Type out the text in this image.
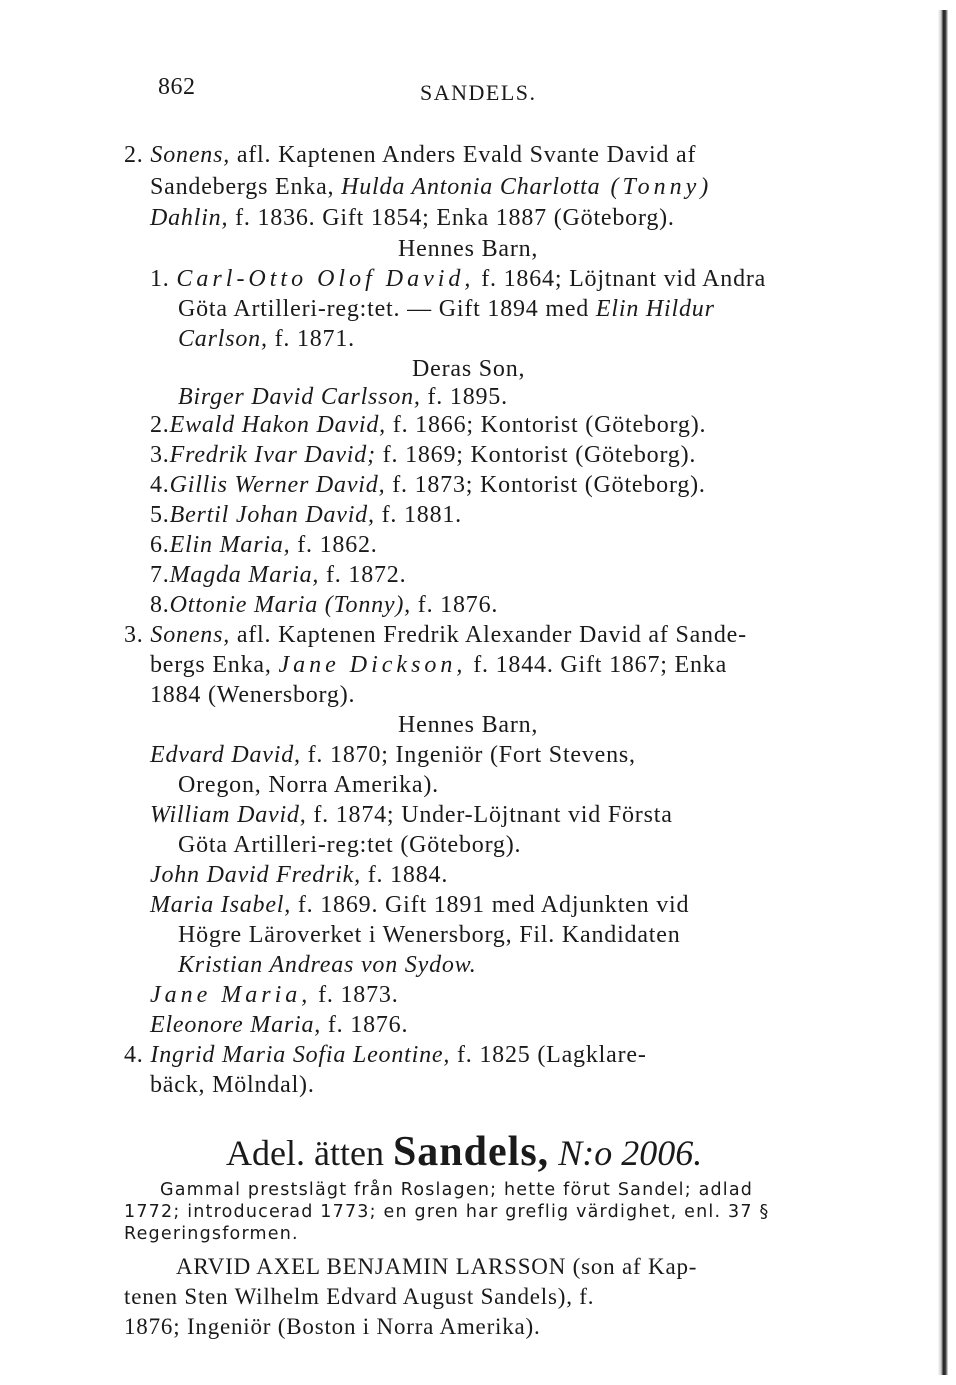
862	SANDELS.
2. Sonens, afl. Kaptenen Anders Evald Svante David af
Sandebergs Enka, Hulda Antonia Charlotta (Tonny)
Dahlin, f. 1836. Gift 1854; Enka 1887 (Göteborg).
Hennes Barn,
1. Carl-Otto Olof David, f. 1864; Löjtnant vid Andra
Göta Artilleri-reg:tet. — Gift 1894 med Elin Hildur
Carlson, f. 1871.
Deras Son,
Birger David Carlsson, f. 1895.
2.Ewald Hakon David, f. 1866; Kontorist (Göteborg).
3.Fredrik Ivar David; f. 1869; Kontorist (Göteborg).
4.Gillis Werner David, f. 1873; Kontorist (Göteborg).
5.Bertil Johan David, f. 1881.
6.Elin Maria, f. 1862.
7.Magda Maria, f. 1872.
8.Ottonie Maria (Tonny), f. 1876.
3. Sonens, afl. Kaptenen Fredrik Alexander David af Sande-
bergs Enka, Jane Dickson, f. 1844. Gift 1867; Enka
1884 (Wenersborg).
Hennes Barn,
Edvard David, f. 1870; Ingeniör (Fort Stevens,
Oregon, Norra Amerika).
William David, f. 1874; Under-Löjtnant vid Första
Göta Artilleri-reg:tet (Göteborg).
John David Fredrik, f. 1884.
Maria Isabel, f. 1869. Gift 1891 med Adjunkten vid
Högre Läroverket i Wenersborg, Fil. Kandidaten
Kristian Andreas von Sydow.
Jane Maria, f. 1873.
Eleonore Maria, f. 1876.
4. Ingrid Maria Sofia Leontine, f. 1825 (Lagklare-
bäck, Mölndal).
Adel. ätten Sandels, N:o 2006.
Gammal prestslägt från Roslagen; hette förut Sandel; adlad
1772; introducerad 1773; en gren har greflig värdighet, enl. 37 §
Regeringsformen.
ARVID AXEL BENJAMIN LARSSON (son af Kap-
tenen Sten Wilhelm Edvard August Sandels), f.
1876; Ingeniör (Boston i Norra Amerika).
